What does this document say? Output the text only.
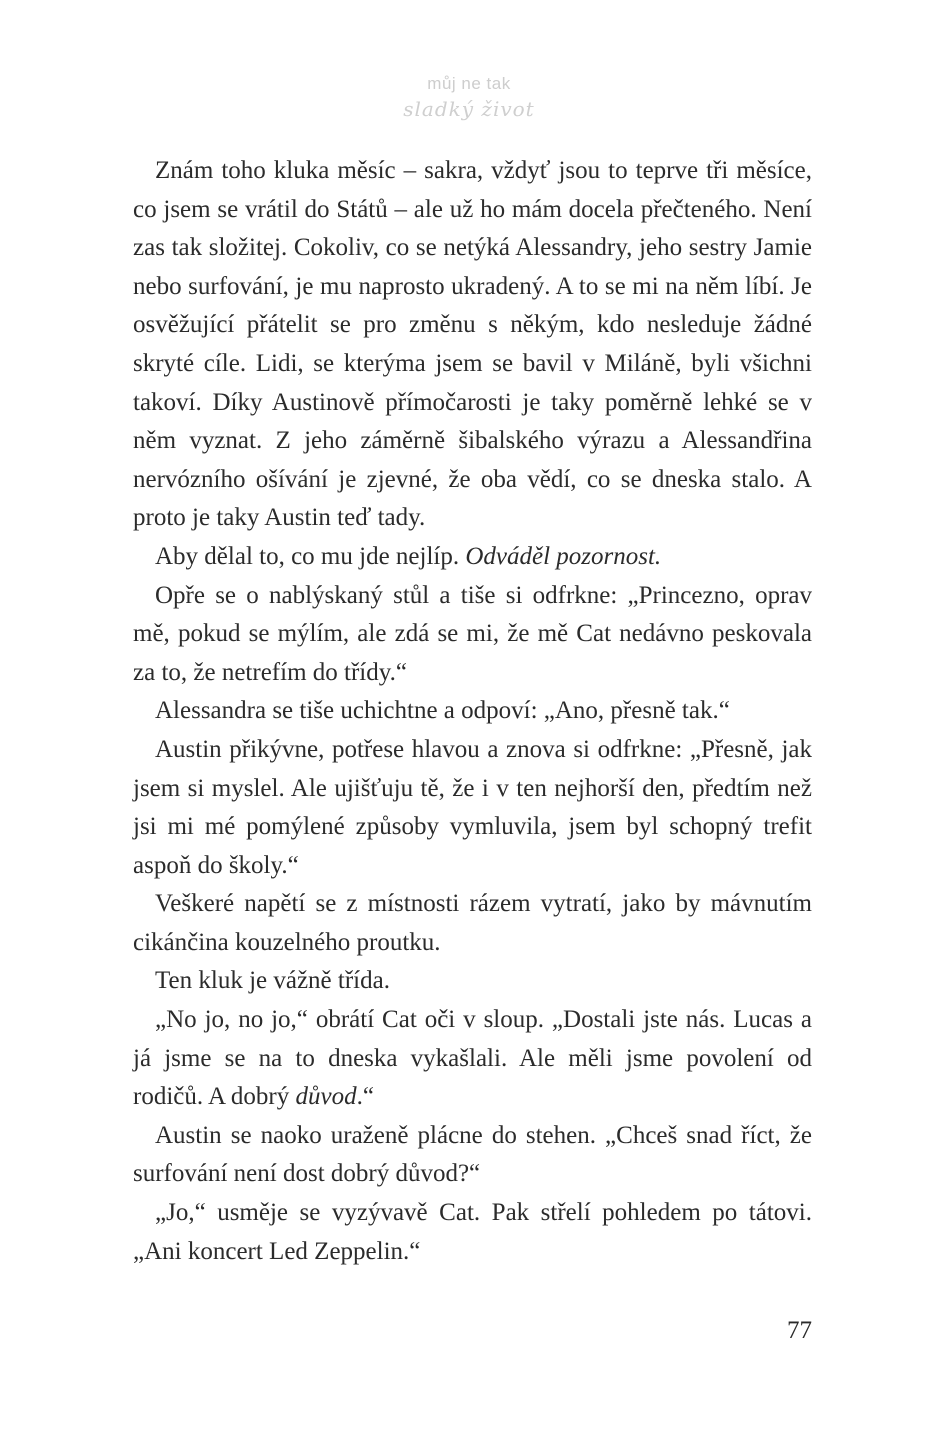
můj ne tak
sladký život

Znám toho kluka měsíc – sakra, vždyť jsou to teprve tři měsíce, co jsem se vrátil do Států – ale už ho mám docela přečteného. Není zas tak složitej. Cokoliv, co se netýká Alessandry, jeho sestry Jamie nebo surfování, je mu naprosto ukradený. A to se mi na něm líbí. Je osvěžující přátelit se pro změnu s někým, kdo nesleduje žádné skryté cíle. Lidi, se kterýma jsem se bavil v Miláně, byli všichni takoví. Díky Austinově přímočarosti je taky poměrně lehké se v něm vyznat. Z jeho záměrně šibalského výrazu a Alessandřina nervózního ošívání je zjevné, že oba vědí, co se dneska stalo. A proto je taky Austin teď tady.

Aby dělal to, co mu jde nejlíp. Odváděl pozornost.

Opře se o nablýskaný stůl a tiše si odfrkne: „Princezno, oprav mě, pokud se mýlím, ale zdá se mi, že mě Cat nedávno peskovala za to, že netrefím do třídy.“

Alessandra se tiše uchichtne a odpoví: „Ano, přesně tak.“

Austin přikývne, potřese hlavou a znova si odfrkne: „Přesně, jak jsem si myslel. Ale ujišťuju tě, že i v ten nejhorší den, předtím než jsi mi mé pomýlené způsoby vymluvila, jsem byl schopný trefit aspoň do školy.“

Veškeré napětí se z místnosti rázem vytratí, jako by mávnutím cikánčina kouzelného proutku.

Ten kluk je vážně třída.

„No jo, no jo,“ obrátí Cat oči v sloup. „Dostali jste nás. Lucas a já jsme se na to dneska vykašlali. Ale měli jsme povolení od rodičů. A dobrý důvod.“

Austin se naoko uraženě plácne do stehen. „Chceš snad říct, že surfování není dost dobrý důvod?“

„Jo,“ usměje se vyzývavě Cat. Pak střelí pohledem po tátovi. „Ani koncert Led Zeppelin.“

77
